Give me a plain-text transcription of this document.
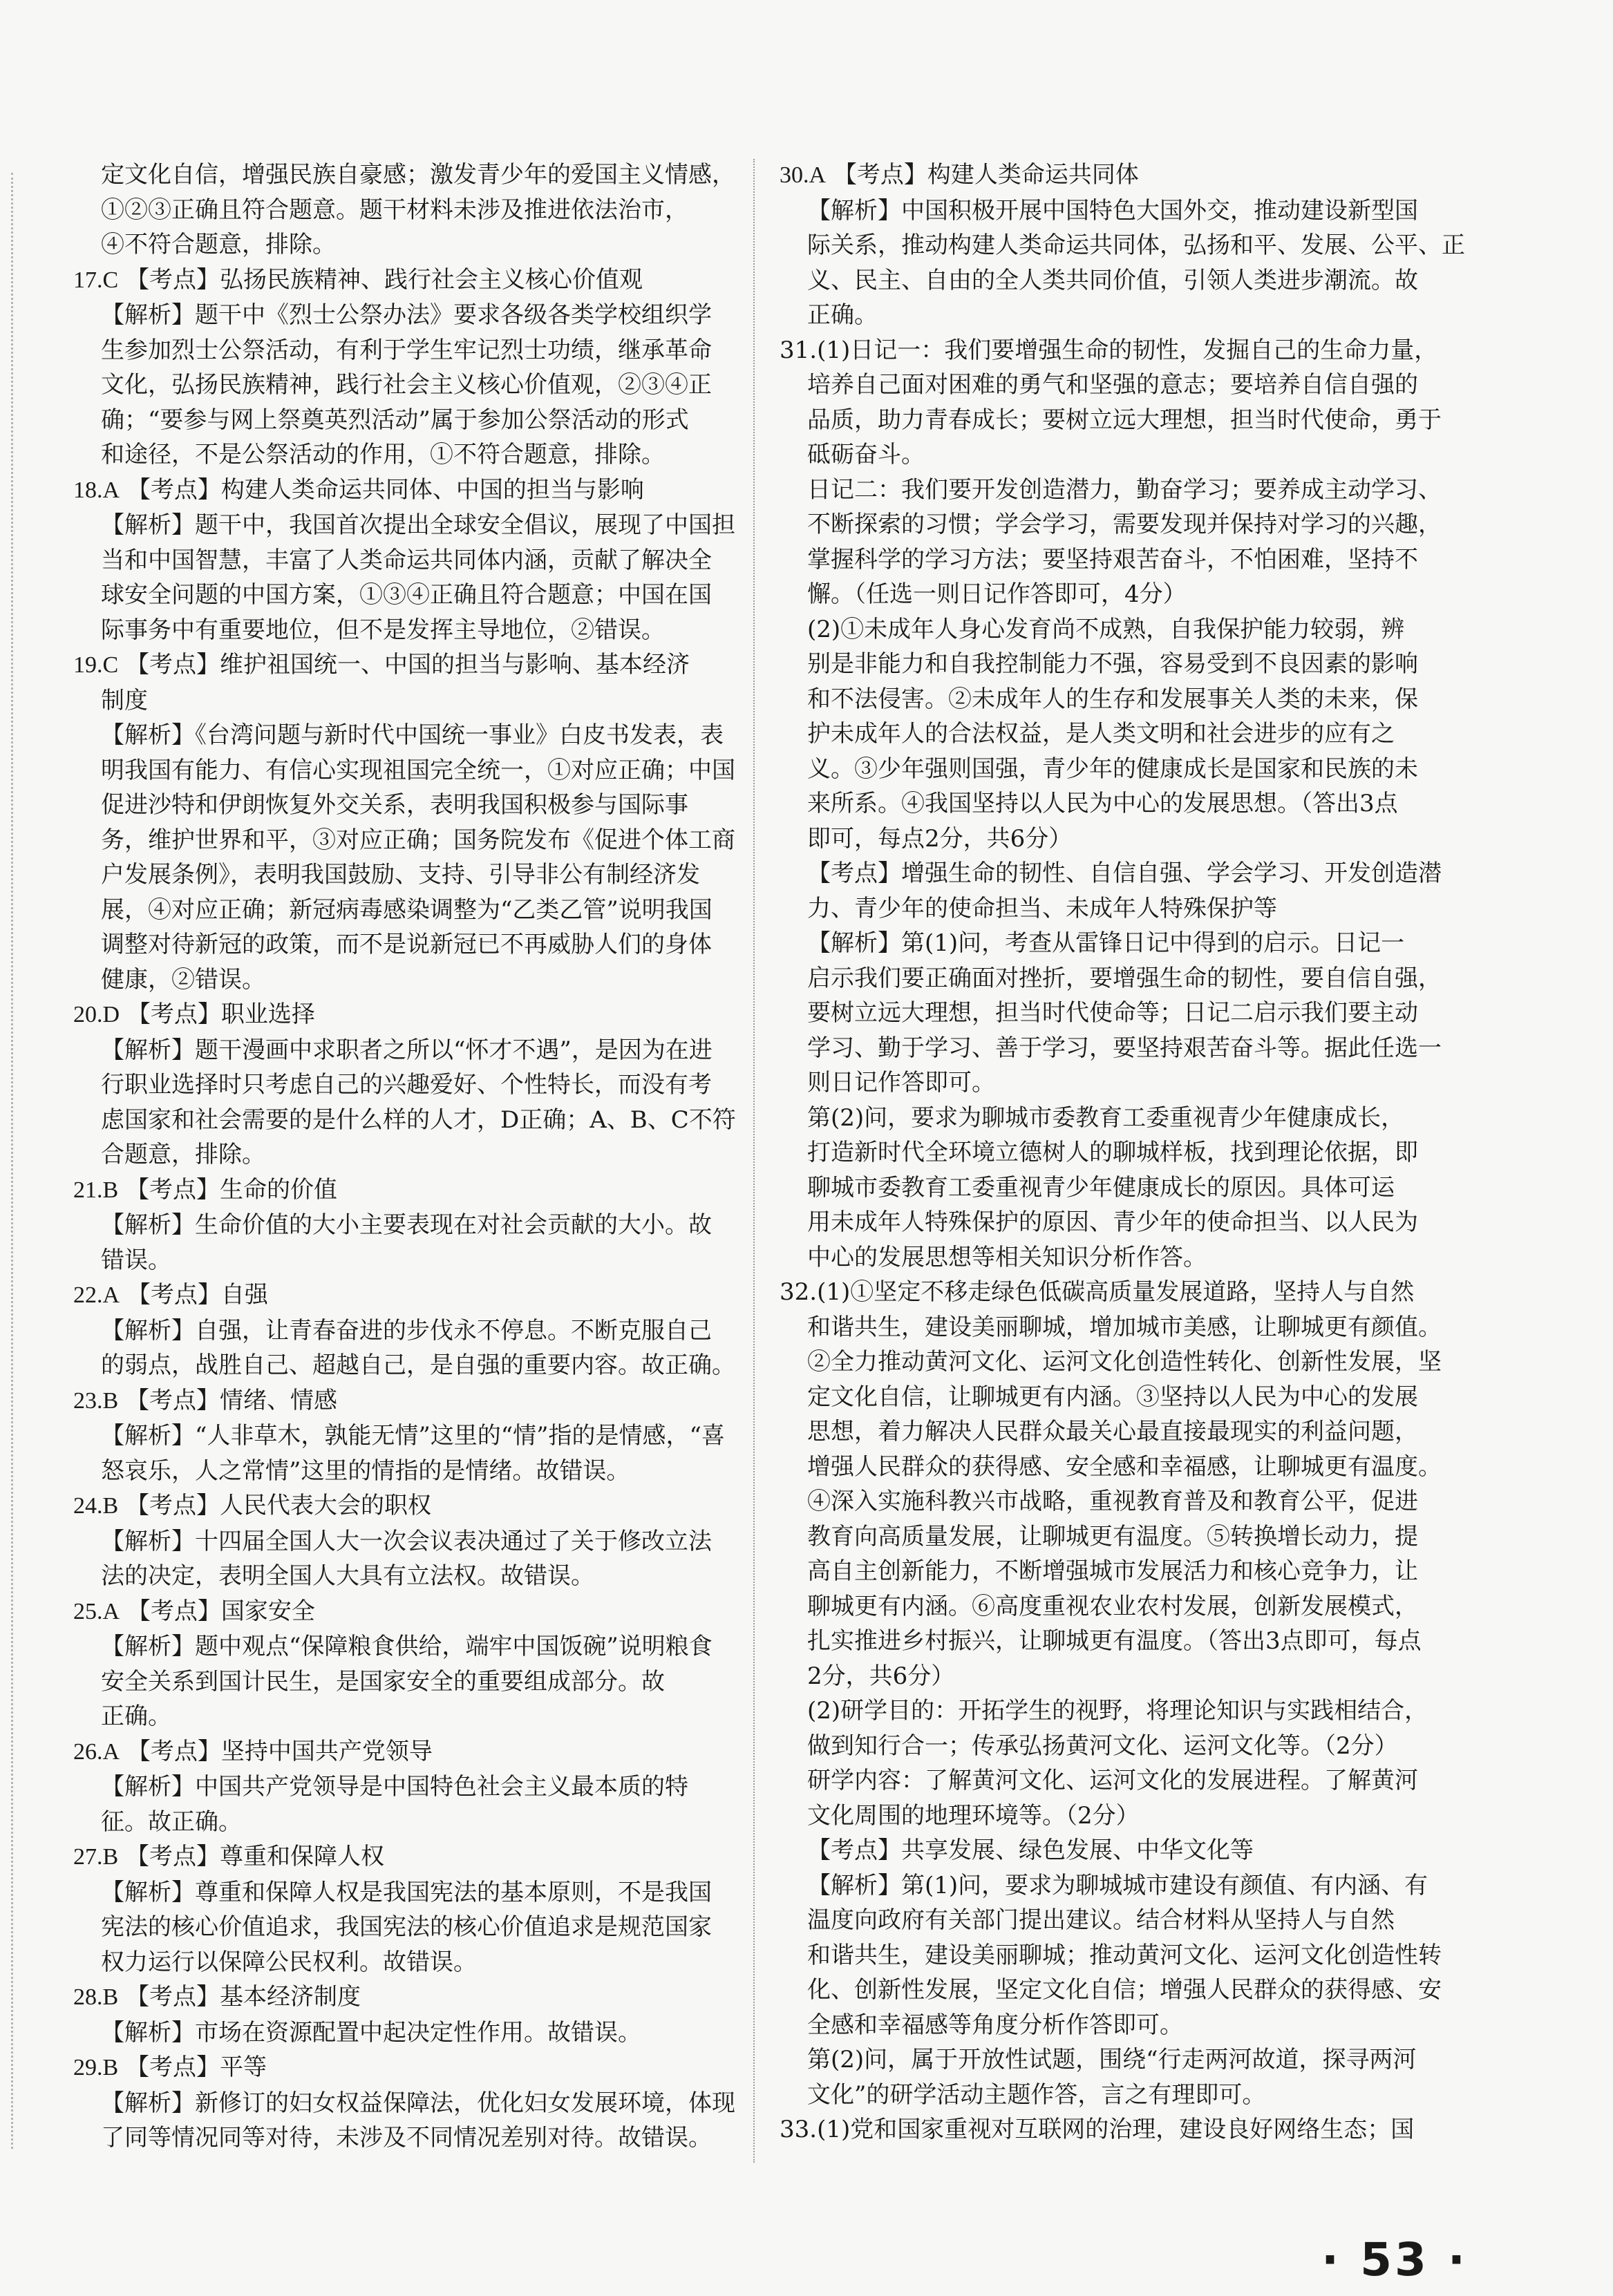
定文化自信，增强民族自豪感；激发青少年的爱国主义情感，

①②③正确且符合题意。题干材料未涉及推进依法治市，

④不符合题意，排除。

17.C 【考点】弘扬民族精神、践行社会主义核心价值观

【解析】题干中《烈士公祭办法》要求各级各类学校组织学

生参加烈士公祭活动，有利于学生牢记烈士功绩，继承革命

文化，弘扬民族精神，践行社会主义核心价值观，②③④正

确；“要参与网上祭奠英烈活动”属于参加公祭活动的形式

和途径，不是公祭活动的作用，①不符合题意，排除。

18.A 【考点】构建人类命运共同体、中国的担当与影响

【解析】题干中，我国首次提出全球安全倡议，展现了中国担

当和中国智慧，丰富了人类命运共同体内涵，贡献了解决全

球安全问题的中国方案，①③④正确且符合题意；中国在国

际事务中有重要地位，但不是发挥主导地位，②错误。

19.C 【考点】维护祖国统一、中国的担当与影响、基本经济

制度

【解析】《台湾问题与新时代中国统一事业》白皮书发表，表

明我国有能力、有信心实现祖国完全统一，①对应正确；中国

促进沙特和伊朗恢复外交关系，表明我国积极参与国际事

务，维护世界和平，③对应正确；国务院发布《促进个体工商

户发展条例》，表明我国鼓励、支持、引导非公有制经济发

展，④对应正确；新冠病毒感染调整为“乙类乙管”说明我国

调整对待新冠的政策，而不是说新冠已不再威胁人们的身体

健康，②错误。

20.D 【考点】职业选择

【解析】题干漫画中求职者之所以“怀才不遇”，是因为在进

行职业选择时只考虑自己的兴趣爱好、个性特长，而没有考

虑国家和社会需要的是什么样的人才，D正确；A、B、C不符

合题意，排除。

21.B 【考点】生命的价值

【解析】生命价值的大小主要表现在对社会贡献的大小。故

错误。

22.A 【考点】自强

【解析】自强，让青春奋进的步伐永不停息。不断克服自己

的弱点，战胜自己、超越自己，是自强的重要内容。故正确。

23.B 【考点】情绪、情感

【解析】“人非草木，孰能无情”这里的“情”指的是情感，“喜

怒哀乐，人之常情”这里的情指的是情绪。故错误。

24.B 【考点】人民代表大会的职权

【解析】十四届全国人大一次会议表决通过了关于修改立法

法的决定，表明全国人大具有立法权。故错误。

25.A 【考点】国家安全

【解析】题中观点“保障粮食供给，端牢中国饭碗”说明粮食

安全关系到国计民生，是国家安全的重要组成部分。故

正确。

26.A 【考点】坚持中国共产党领导

【解析】中国共产党领导是中国特色社会主义最本质的特

征。故正确。

27.B 【考点】尊重和保障人权

【解析】尊重和保障人权是我国宪法的基本原则，不是我国

宪法的核心价值追求，我国宪法的核心价值追求是规范国家

权力运行以保障公民权利。故错误。

28.B 【考点】基本经济制度

【解析】市场在资源配置中起决定性作用。故错误。

29.B 【考点】平等

【解析】新修订的妇女权益保障法，优化妇女发展环境，体现

了同等情况同等对待，未涉及不同情况差别对待。故错误。

30.A 【考点】构建人类命运共同体

【解析】中国积极开展中国特色大国外交，推动建设新型国

际关系，推动构建人类命运共同体，弘扬和平、发展、公平、正

义、民主、自由的全人类共同价值，引领人类进步潮流。故

正确。

31.(1)日记一：我们要增强生命的韧性，发掘自己的生命力量，

培养自己面对困难的勇气和坚强的意志；要培养自信自强的

品质，助力青春成长；要树立远大理想，担当时代使命，勇于

砥砺奋斗。

日记二：我们要开发创造潜力，勤奋学习；要养成主动学习、

不断探索的习惯；学会学习，需要发现并保持对学习的兴趣，

掌握科学的学习方法；要坚持艰苦奋斗，不怕困难，坚持不

懈。（任选一则日记作答即可，4分）

(2)①未成年人身心发育尚不成熟，自我保护能力较弱，辨

别是非能力和自我控制能力不强，容易受到不良因素的影响

和不法侵害。②未成年人的生存和发展事关人类的未来，保

护未成年人的合法权益，是人类文明和社会进步的应有之

义。③少年强则国强，青少年的健康成长是国家和民族的未

来所系。④我国坚持以人民为中心的发展思想。（答出3点

即可，每点2分，共6分）

【考点】增强生命的韧性、自信自强、学会学习、开发创造潜

力、青少年的使命担当、未成年人特殊保护等

【解析】第(1)问，考查从雷锋日记中得到的启示。日记一

启示我们要正确面对挫折，要增强生命的韧性，要自信自强，

要树立远大理想，担当时代使命等；日记二启示我们要主动

学习、勤于学习、善于学习，要坚持艰苦奋斗等。据此任选一

则日记作答即可。

第(2)问，要求为聊城市委教育工委重视青少年健康成长，

打造新时代全环境立德树人的聊城样板，找到理论依据，即

聊城市委教育工委重视青少年健康成长的原因。具体可运

用未成年人特殊保护的原因、青少年的使命担当、以人民为

中心的发展思想等相关知识分析作答。

32.(1)①坚定不移走绿色低碳高质量发展道路，坚持人与自然

和谐共生，建设美丽聊城，增加城市美感，让聊城更有颜值。

②全力推动黄河文化、运河文化创造性转化、创新性发展，坚

定文化自信，让聊城更有内涵。③坚持以人民为中心的发展

思想，着力解决人民群众最关心最直接最现实的利益问题，

增强人民群众的获得感、安全感和幸福感，让聊城更有温度。

④深入实施科教兴市战略，重视教育普及和教育公平，促进

教育向高质量发展，让聊城更有温度。⑤转换增长动力，提

高自主创新能力，不断增强城市发展活力和核心竞争力，让

聊城更有内涵。⑥高度重视农业农村发展，创新发展模式，

扎实推进乡村振兴，让聊城更有温度。（答出3点即可，每点

2分，共6分）

(2)研学目的：开拓学生的视野，将理论知识与实践相结合，

做到知行合一；传承弘扬黄河文化、运河文化等。（2分）

研学内容：了解黄河文化、运河文化的发展进程。了解黄河

文化周围的地理环境等。（2分）

【考点】共享发展、绿色发展、中华文化等

【解析】第(1)问，要求为聊城城市建设有颜值、有内涵、有

温度向政府有关部门提出建议。结合材料从坚持人与自然

和谐共生，建设美丽聊城；推动黄河文化、运河文化创造性转

化、创新性发展，坚定文化自信；增强人民群众的获得感、安

全感和幸福感等角度分析作答即可。

第(2)问，属于开放性试题，围绕“行走两河故道，探寻两河

文化”的研学活动主题作答，言之有理即可。

33.(1)党和国家重视对互联网的治理，建设良好网络生态；国

· 53 ·
